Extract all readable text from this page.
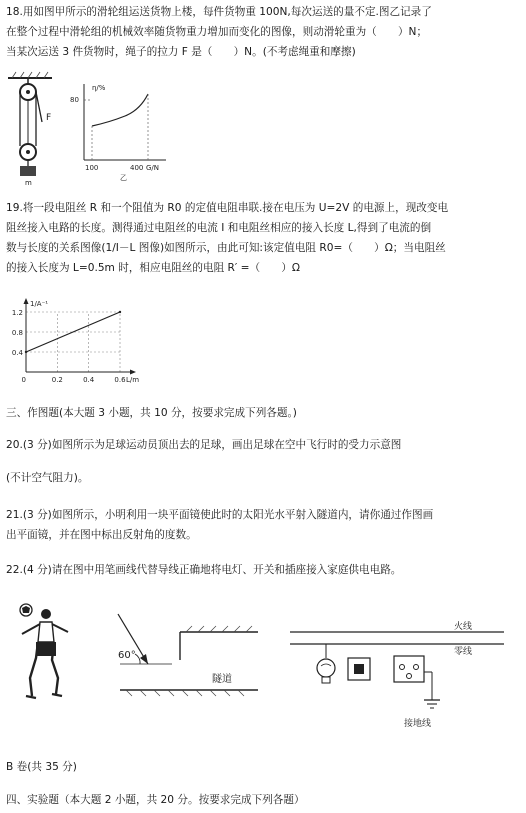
18.用如图甲所示的滑轮组运送货物上楼，每件货物重 100N,每次运送的量不定.图乙记录了
在整个过程中滑轮组的机械效率随货物重力增加而变化的图像，则动滑轮重为（　　）N；
当某次运送 3 件货物时，绳子的拉力 F 是（　　）N。(不考虑绳重和摩擦)
F
m
η/%
80
100	400 G/N
乙
19.将一段电阻丝 R 和一个阻值为 R0 的定值电阻串联.接在电压为 U=2V 的电源上，现改变电
阻丝接入电路的长度。测得通过电阻丝的电流 I 和电阻丝相应的接入长度 L,得到了电流的倒
数与长度的关系图像(1/I－L 图像)如图所示，由此可知:该定值电阻 R0=（　　）Ω；当电阻丝
的接入长度为 L=0.5m 时，相应电阻丝的电阻 R′ =（　　）Ω
1.2
0.8
0.4
0	0.2	0.4	0.6
1/A⁻¹
L/m
三、作图题(本大题 3 小题，共 10 分，按要求完成下列各题。)
20.(3 分)如图所示为足球运动员顶出去的足球，画出足球在空中飞行时的受力示意图
(不计空气阻力)。
21.(3 分)如图所示，小明利用一块平面镜使此时的太阳光水平射入隧道内，请你通过作图画
出平面镜，并在图中标出反射角的度数。
22.(4 分)请在图中用笔画线代替导线正确地将电灯、开关和插座接入家庭供电电路。
60°
隧道
火线
零线
接地线
B 卷(共 35 分)
四、实验题（本大题 2 小题，共 20 分。按要求完成下列各题）
